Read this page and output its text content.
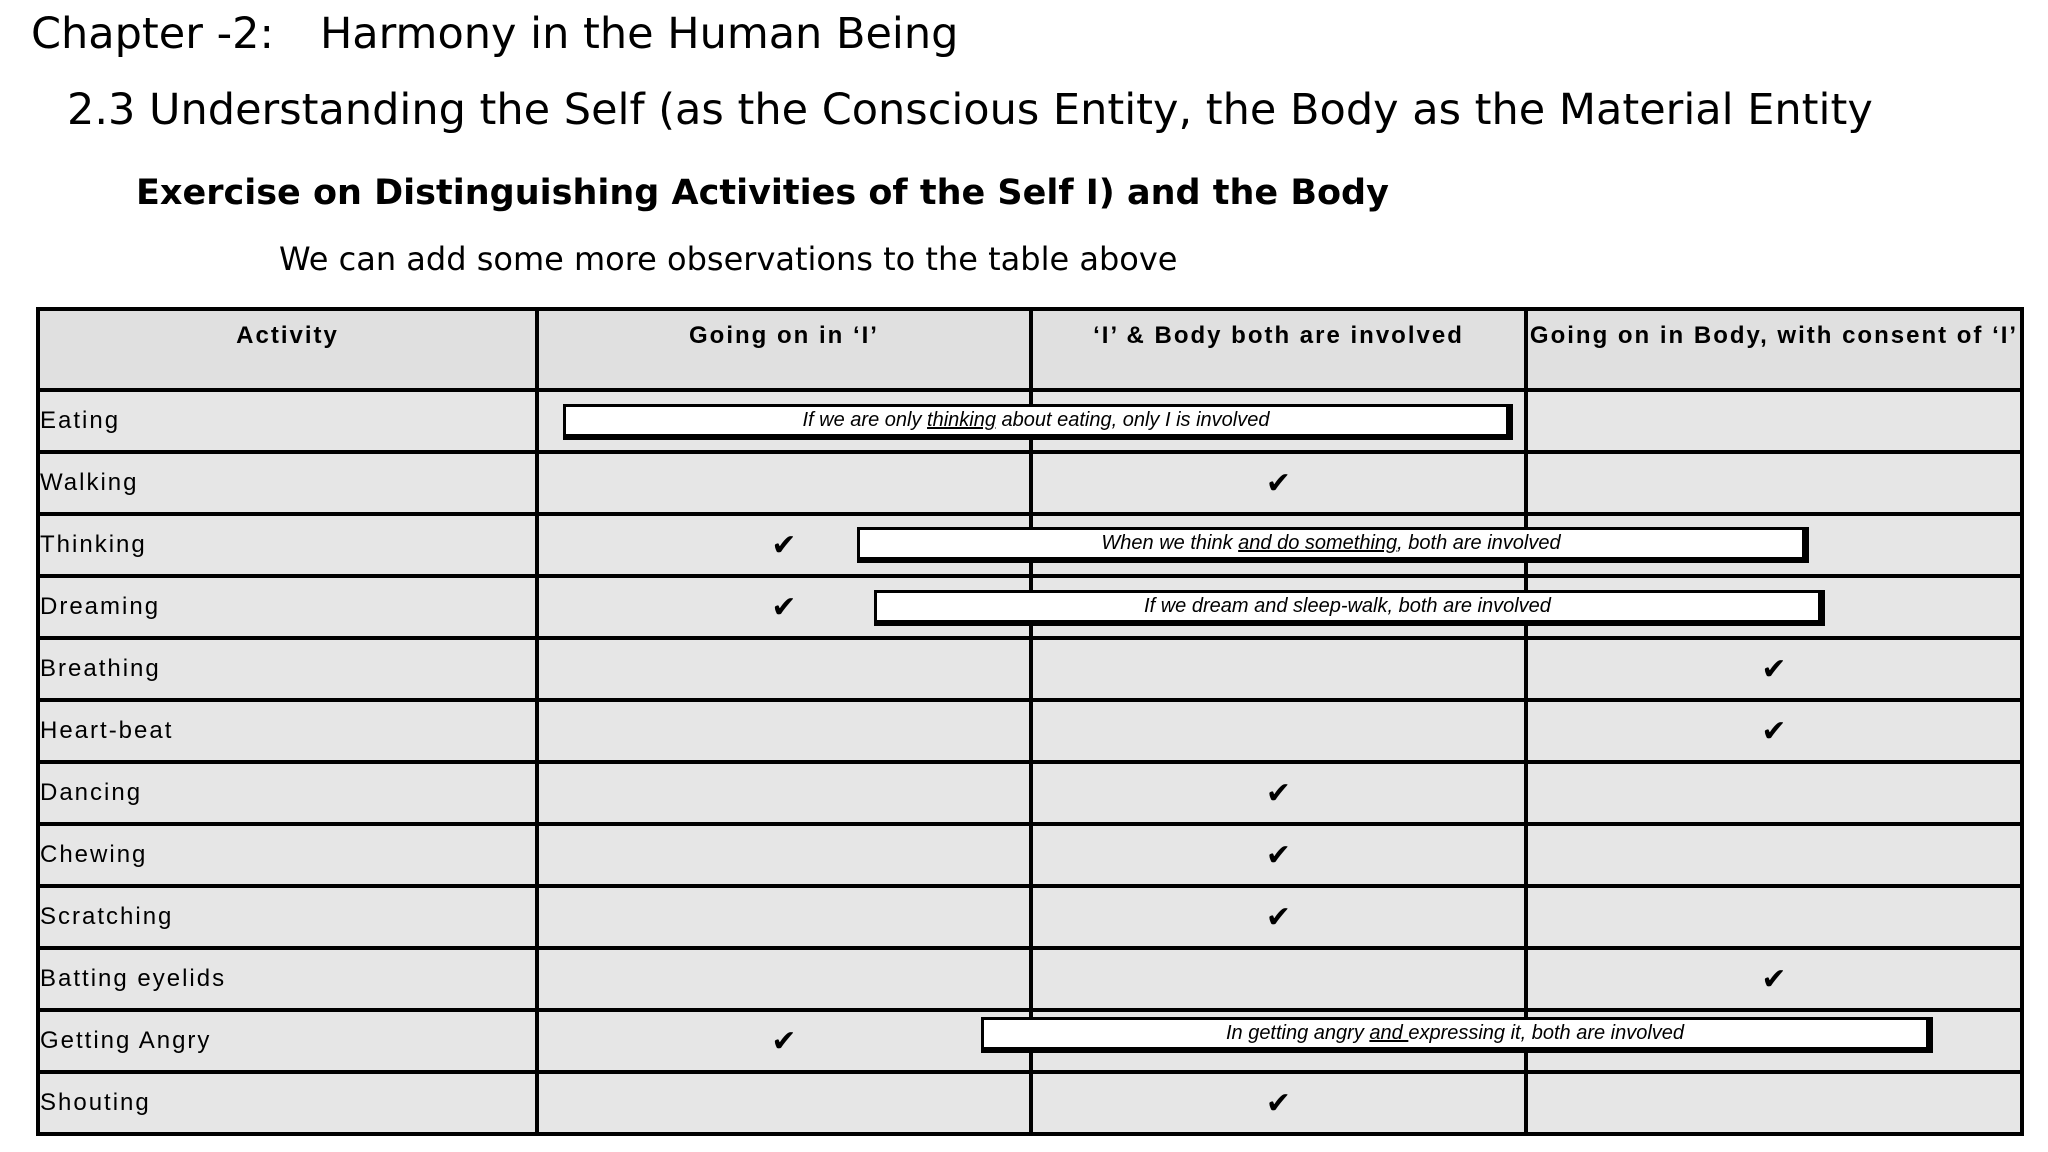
Chapter -2: Harmony in the Human Being
2.3 Understanding the Self (as the Conscious Entity, the Body as the Material Entity
Exercise on Distinguishing Activities of the Self I) and the Body

We can add some more observations to the table above

Activity	Going on in ‘I’	‘I’ & Body both are involved	Going on in Body, with consent of ‘I’
Eating			
Walking		✔	
Thinking	✔		
Dreaming	✔		
Breathing			✔
Heart-beat			✔
Dancing		✔	
Chewing		✔	
Scratching		✔	
Batting eyelids			✔
Getting Angry	✔		
Shouting		✔	
If we are only thinking about eating, only I is involved
When we think and do something, both are involved
If we dream and sleep-walk, both are involved
In getting angry and expressing it, both are involved
